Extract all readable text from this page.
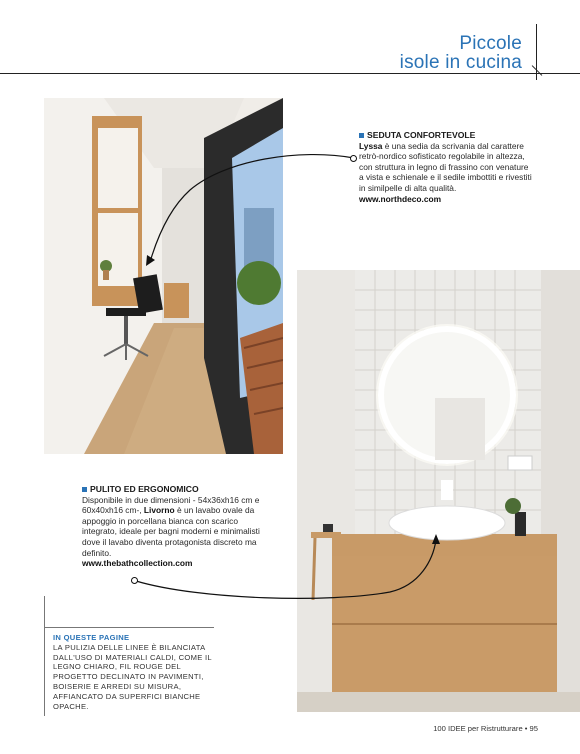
Piccole
isole in cucina
SEDUTA CONFORTEVOLE
Lyssa è una sedia da scrivania dal carattere retrò-nordico sofisticato regolabile in altezza, con struttura in legno di frassino con venature a vista e schienale e il sedile imbottiti e rivestiti in similpelle di alta qualità.
www.northdeco.com
PULITO ED ERGONOMICO
Disponibile in due dimensioni - 54x36xh16 cm e 60x40xh16 cm-, Livorno è un lavabo ovale da appoggio in porcellana bianca con scarico integrato, ideale per bagni moderni e minimalisti dove il lavabo diventa protagonista discreto ma definito.
www.thebathcollection.com
IN QUESTE PAGINE
LA PULIZIA DELLE LINEE È BILANCIATA DALL'USO DI MATERIALI CALDI, COME IL LEGNO CHIARO, FIL ROUGE DEL PROGETTO DECLINATO IN PAVIMENTI, BOISERIE E ARREDI SU MISURA, AFFIANCATO DA SUPERFICI BIANCHE OPACHE.
100 IDEE per Ristrutturare • 95
